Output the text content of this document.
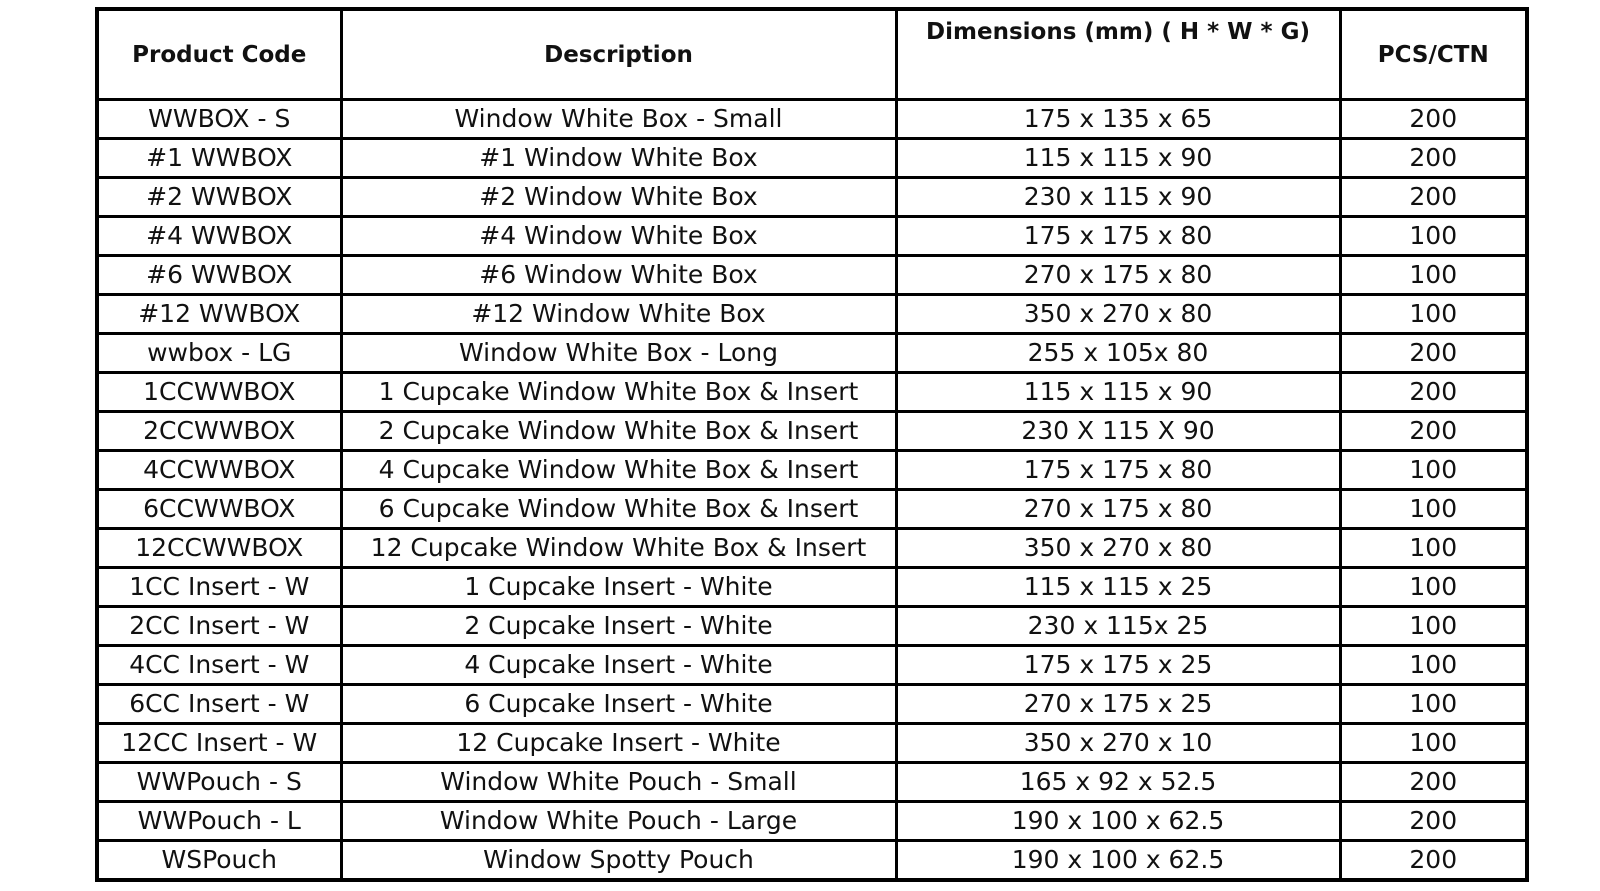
Product Code	Description	Dimensions (mm) ( H * W * G)	PCS/CTN
WWBOX - S	Window White Box - Small	175 x 135 x 65	200
#1 WWBOX	#1 Window White Box	115 x 115 x 90	200
#2 WWBOX	#2 Window White Box	230 x 115 x 90	200
#4 WWBOX	#4 Window White Box	175 x 175 x 80	100
#6 WWBOX	#6 Window White Box	270 x 175 x 80	100
#12 WWBOX	#12 Window White Box	350 x 270 x 80	100
wwbox - LG	Window White Box - Long	255 x 105x 80	200
1CCWWBOX	1 Cupcake Window White Box & Insert	115 x 115 x 90	200
2CCWWBOX	2 Cupcake Window White Box & Insert	230 X 115 X 90	200
4CCWWBOX	4 Cupcake Window White Box & Insert	175 x 175 x 80	100
6CCWWBOX	6 Cupcake Window White Box & Insert	270 x 175 x 80	100
12CCWWBOX	12 Cupcake Window White Box & Insert	350 x 270 x 80	100
1CC Insert - W	1 Cupcake Insert - White	115 x 115 x 25	100
2CC Insert - W	2 Cupcake Insert - White	230 x 115x 25	100
4CC Insert - W	4 Cupcake Insert - White	175 x 175 x 25	100
6CC Insert - W	6 Cupcake Insert - White	270 x 175 x 25	100
12CC Insert - W	12 Cupcake Insert - White	350 x 270 x 10	100
WWPouch - S	Window White Pouch - Small	165 x 92 x 52.5	200
WWPouch - L	Window White Pouch - Large	190 x 100 x 62.5	200
WSPouch	Window Spotty Pouch	190 x 100 x 62.5	200
